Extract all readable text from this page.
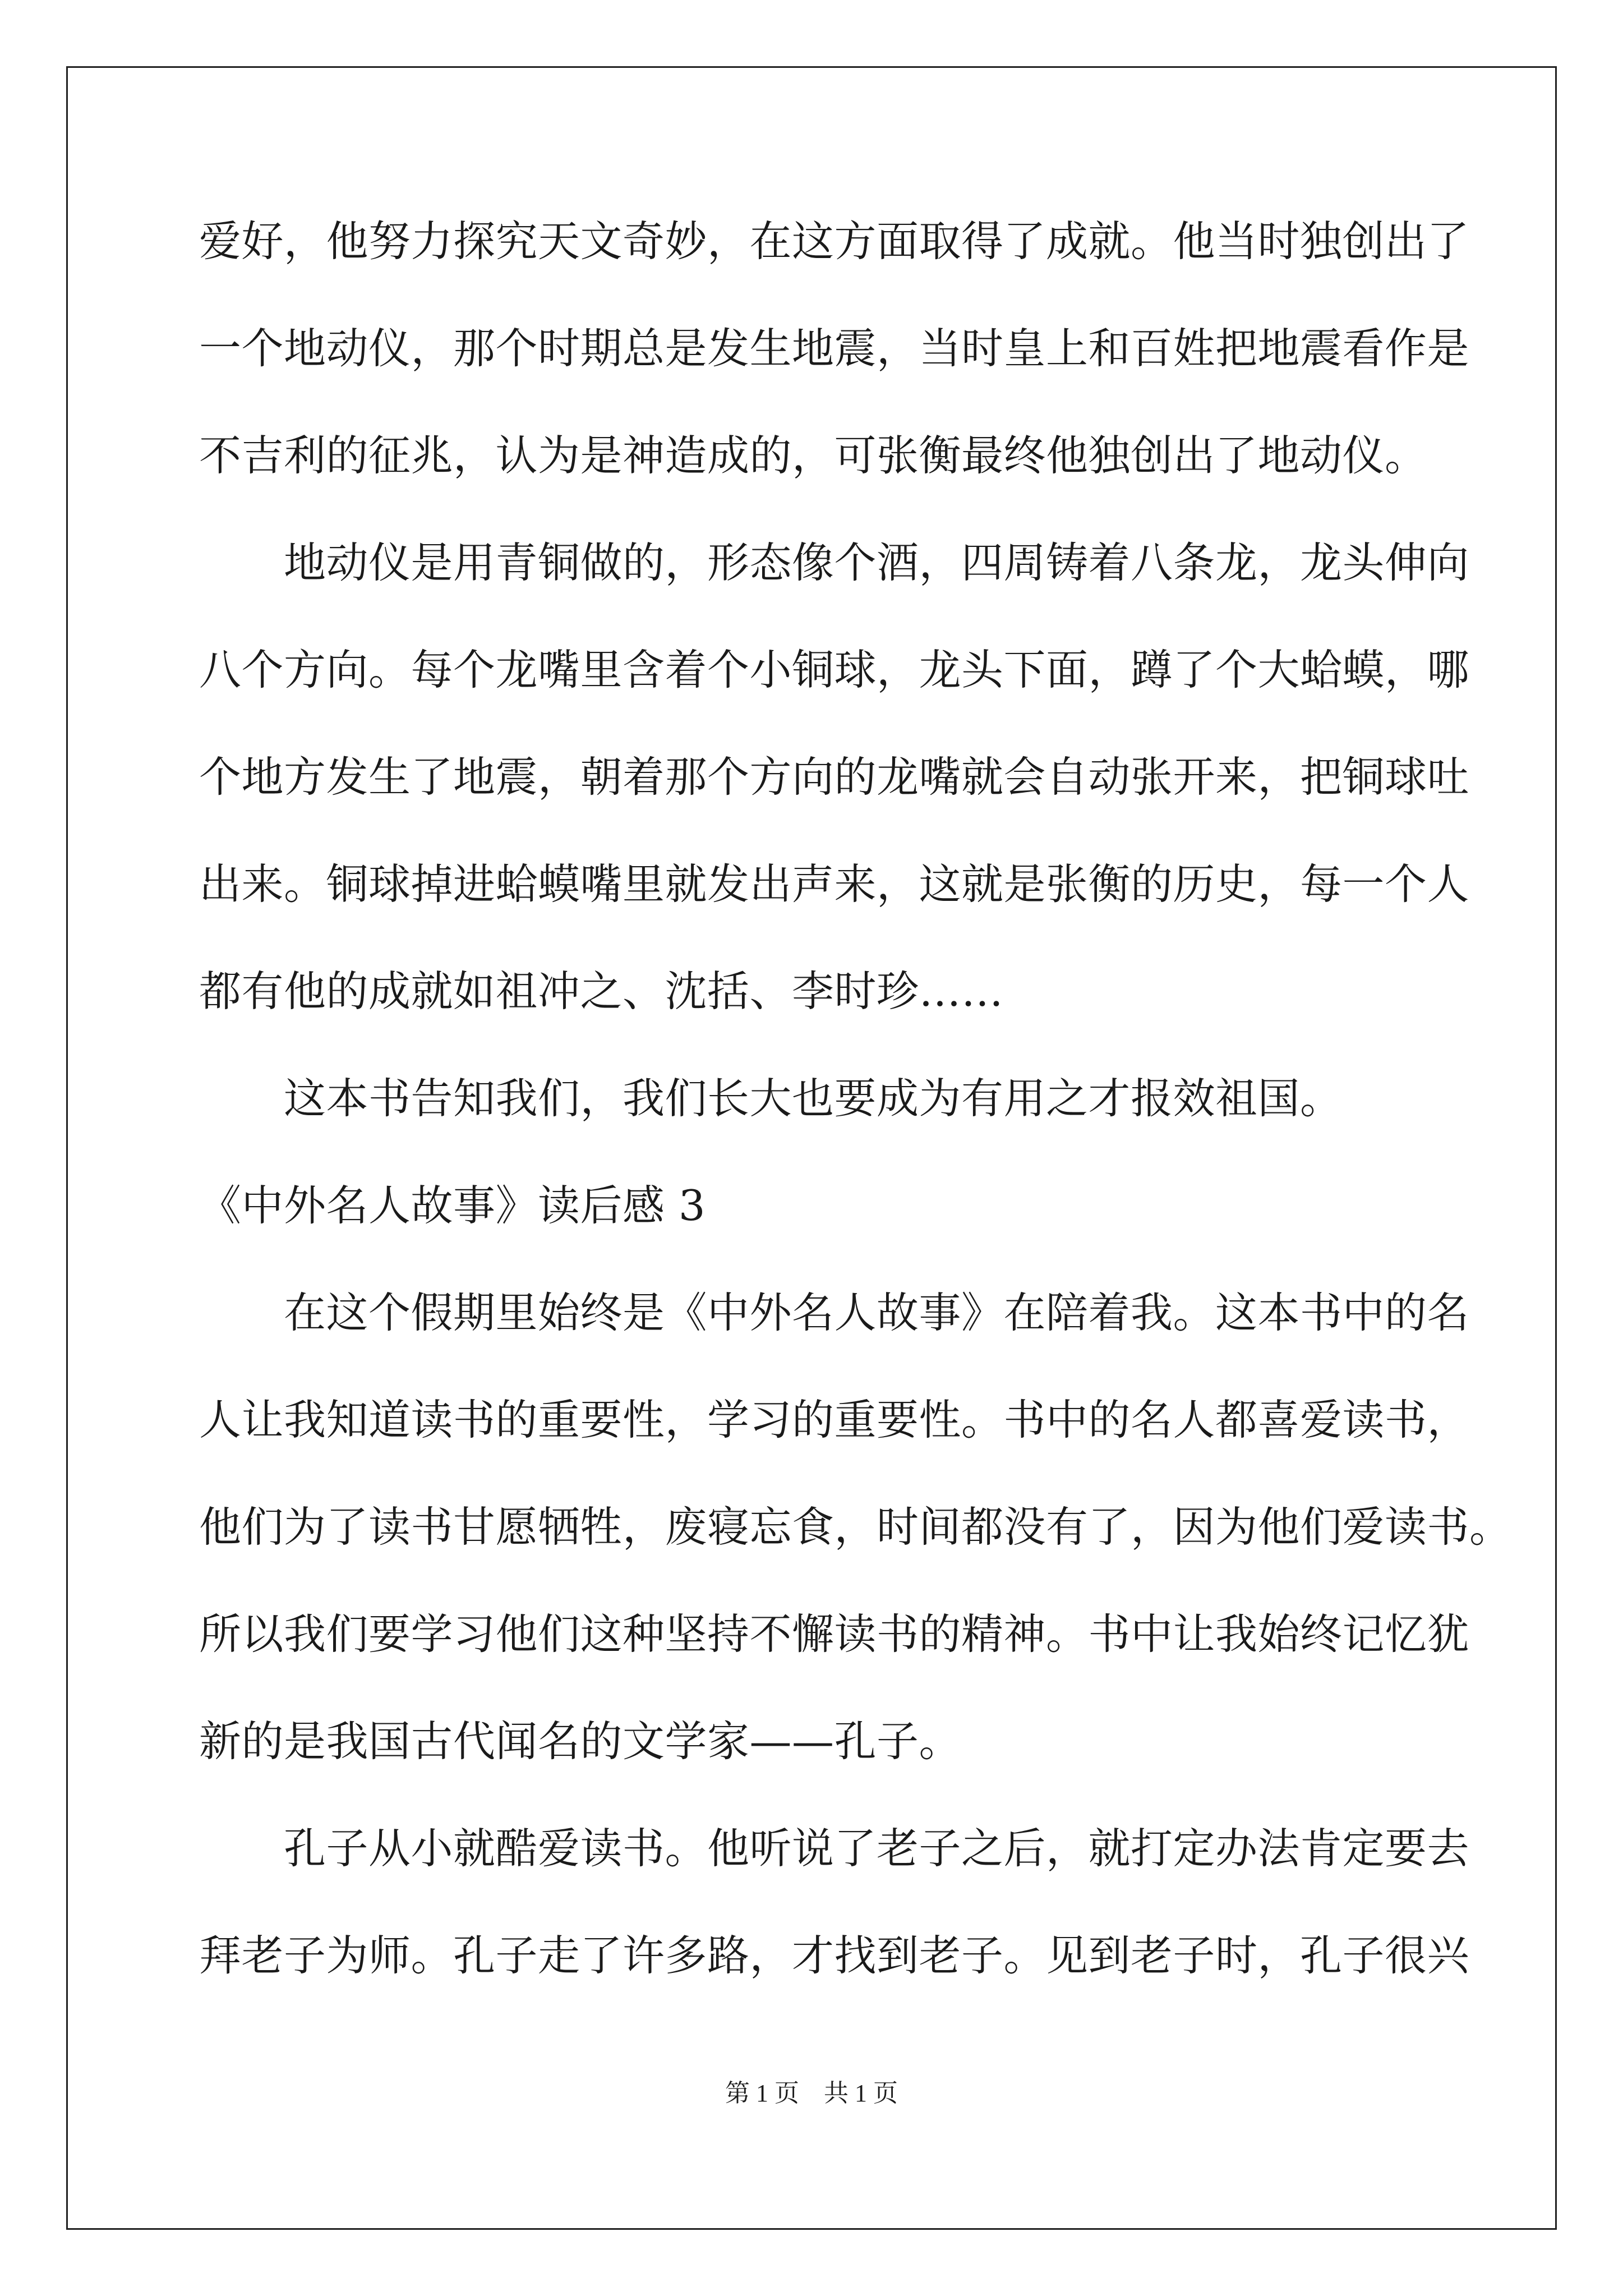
爱好，他努力探究天文奇妙，在这方面取得了成就。他当时独创出了
一个地动仪，那个时期总是发生地震，当时皇上和百姓把地震看作是
不吉利的征兆，认为是神造成的，可张衡最终他独创出了地动仪。
地动仪是用青铜做的，形态像个酒，四周铸着八条龙，龙头伸向
八个方向。每个龙嘴里含着个小铜球，龙头下面，蹲了个大蛤蟆，哪
个地方发生了地震，朝着那个方向的龙嘴就会自动张开来，把铜球吐
出来。铜球掉进蛤蟆嘴里就发出声来，这就是张衡的历史，每一个人
都有他的成就如祖冲之、沈括、李时珍……
这本书告知我们，我们长大也要成为有用之才报效祖国。
《中外名人故事》读后感 3
在这个假期里始终是《中外名人故事》在陪着我。这本书中的名
人让我知道读书的重要性，学习的重要性。书中的名人都喜爱读书，
他们为了读书甘愿牺牲，废寝忘食，时间都没有了，因为他们爱读书。
所以我们要学习他们这种坚持不懈读书的精神。书中让我始终记忆犹
新的是我国古代闻名的文学家——孔子。
孔子从小就酷爱读书。他听说了老子之后，就打定办法肯定要去
拜老子为师。孔子走了许多路，才找到老子。见到老子时，孔子很兴
第 1 页　共 1 页
